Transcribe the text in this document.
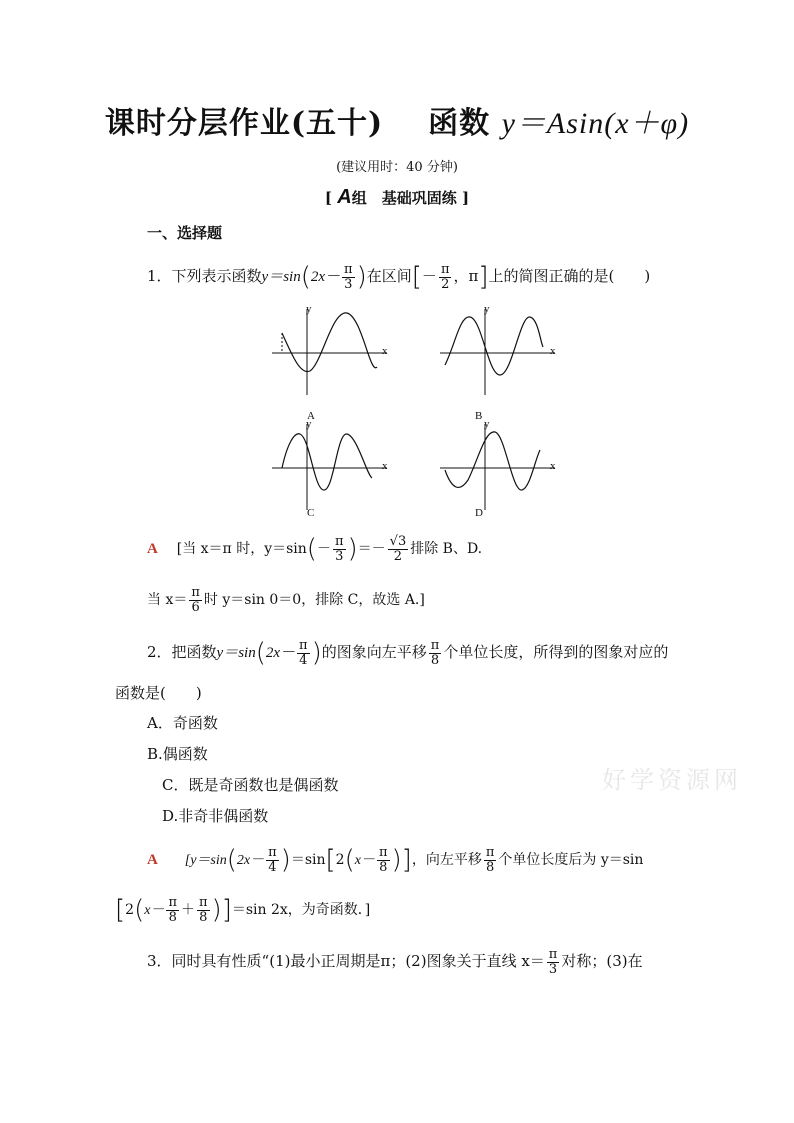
课时分层作业(五十) 函数 y＝Asin(x＋φ)
(建议用时：40 分钟)
[ A组　基础巩固练 ]
一、选择题
1．下列表示函数$y=\sin(2x- \frac{\pi}{3}$ )在区间[－ $\frac{\pi}{2}$ ，π]上的简图正确的是(　　)
y
x
A
y
x
B
y
x
C
y
x
D
A [当 x＝π 时，$y=\sin(- \frac{\pi}{3}$ )＝－ $\frac{√3}{2}$ 排除 B、D.
当 $x= \frac{\pi}{6}$ 时 y＝sin 0＝0，排除 C，故选 A.]
2．把函数$y=\sin(2x- \frac{\pi}{4}$ )的图象向左平移 $\frac{\pi}{8}$ 个单位长度，所得到的图象对应的
函数是(　　)
A．奇函数
B.偶函数
C．既是奇函数也是偶函数
D.非奇非偶函数
A [$y=\sin(2x- \frac{\pi}{4} )=\sin[2(x- \frac{\pi}{8}$ )]，向左平移 $\frac{\pi}{8}$ 个单位长度后为 y＝sin
$[2(x- \frac{\pi}{8} + \frac{\pi}{8} )]=\sin$ 2x，为奇函数．]
3．同时具有性质“(1)最小正周期是π；(2)图象关于直线 $x= \frac{\pi}{3}$ 对称；(3)在
好学资源网
